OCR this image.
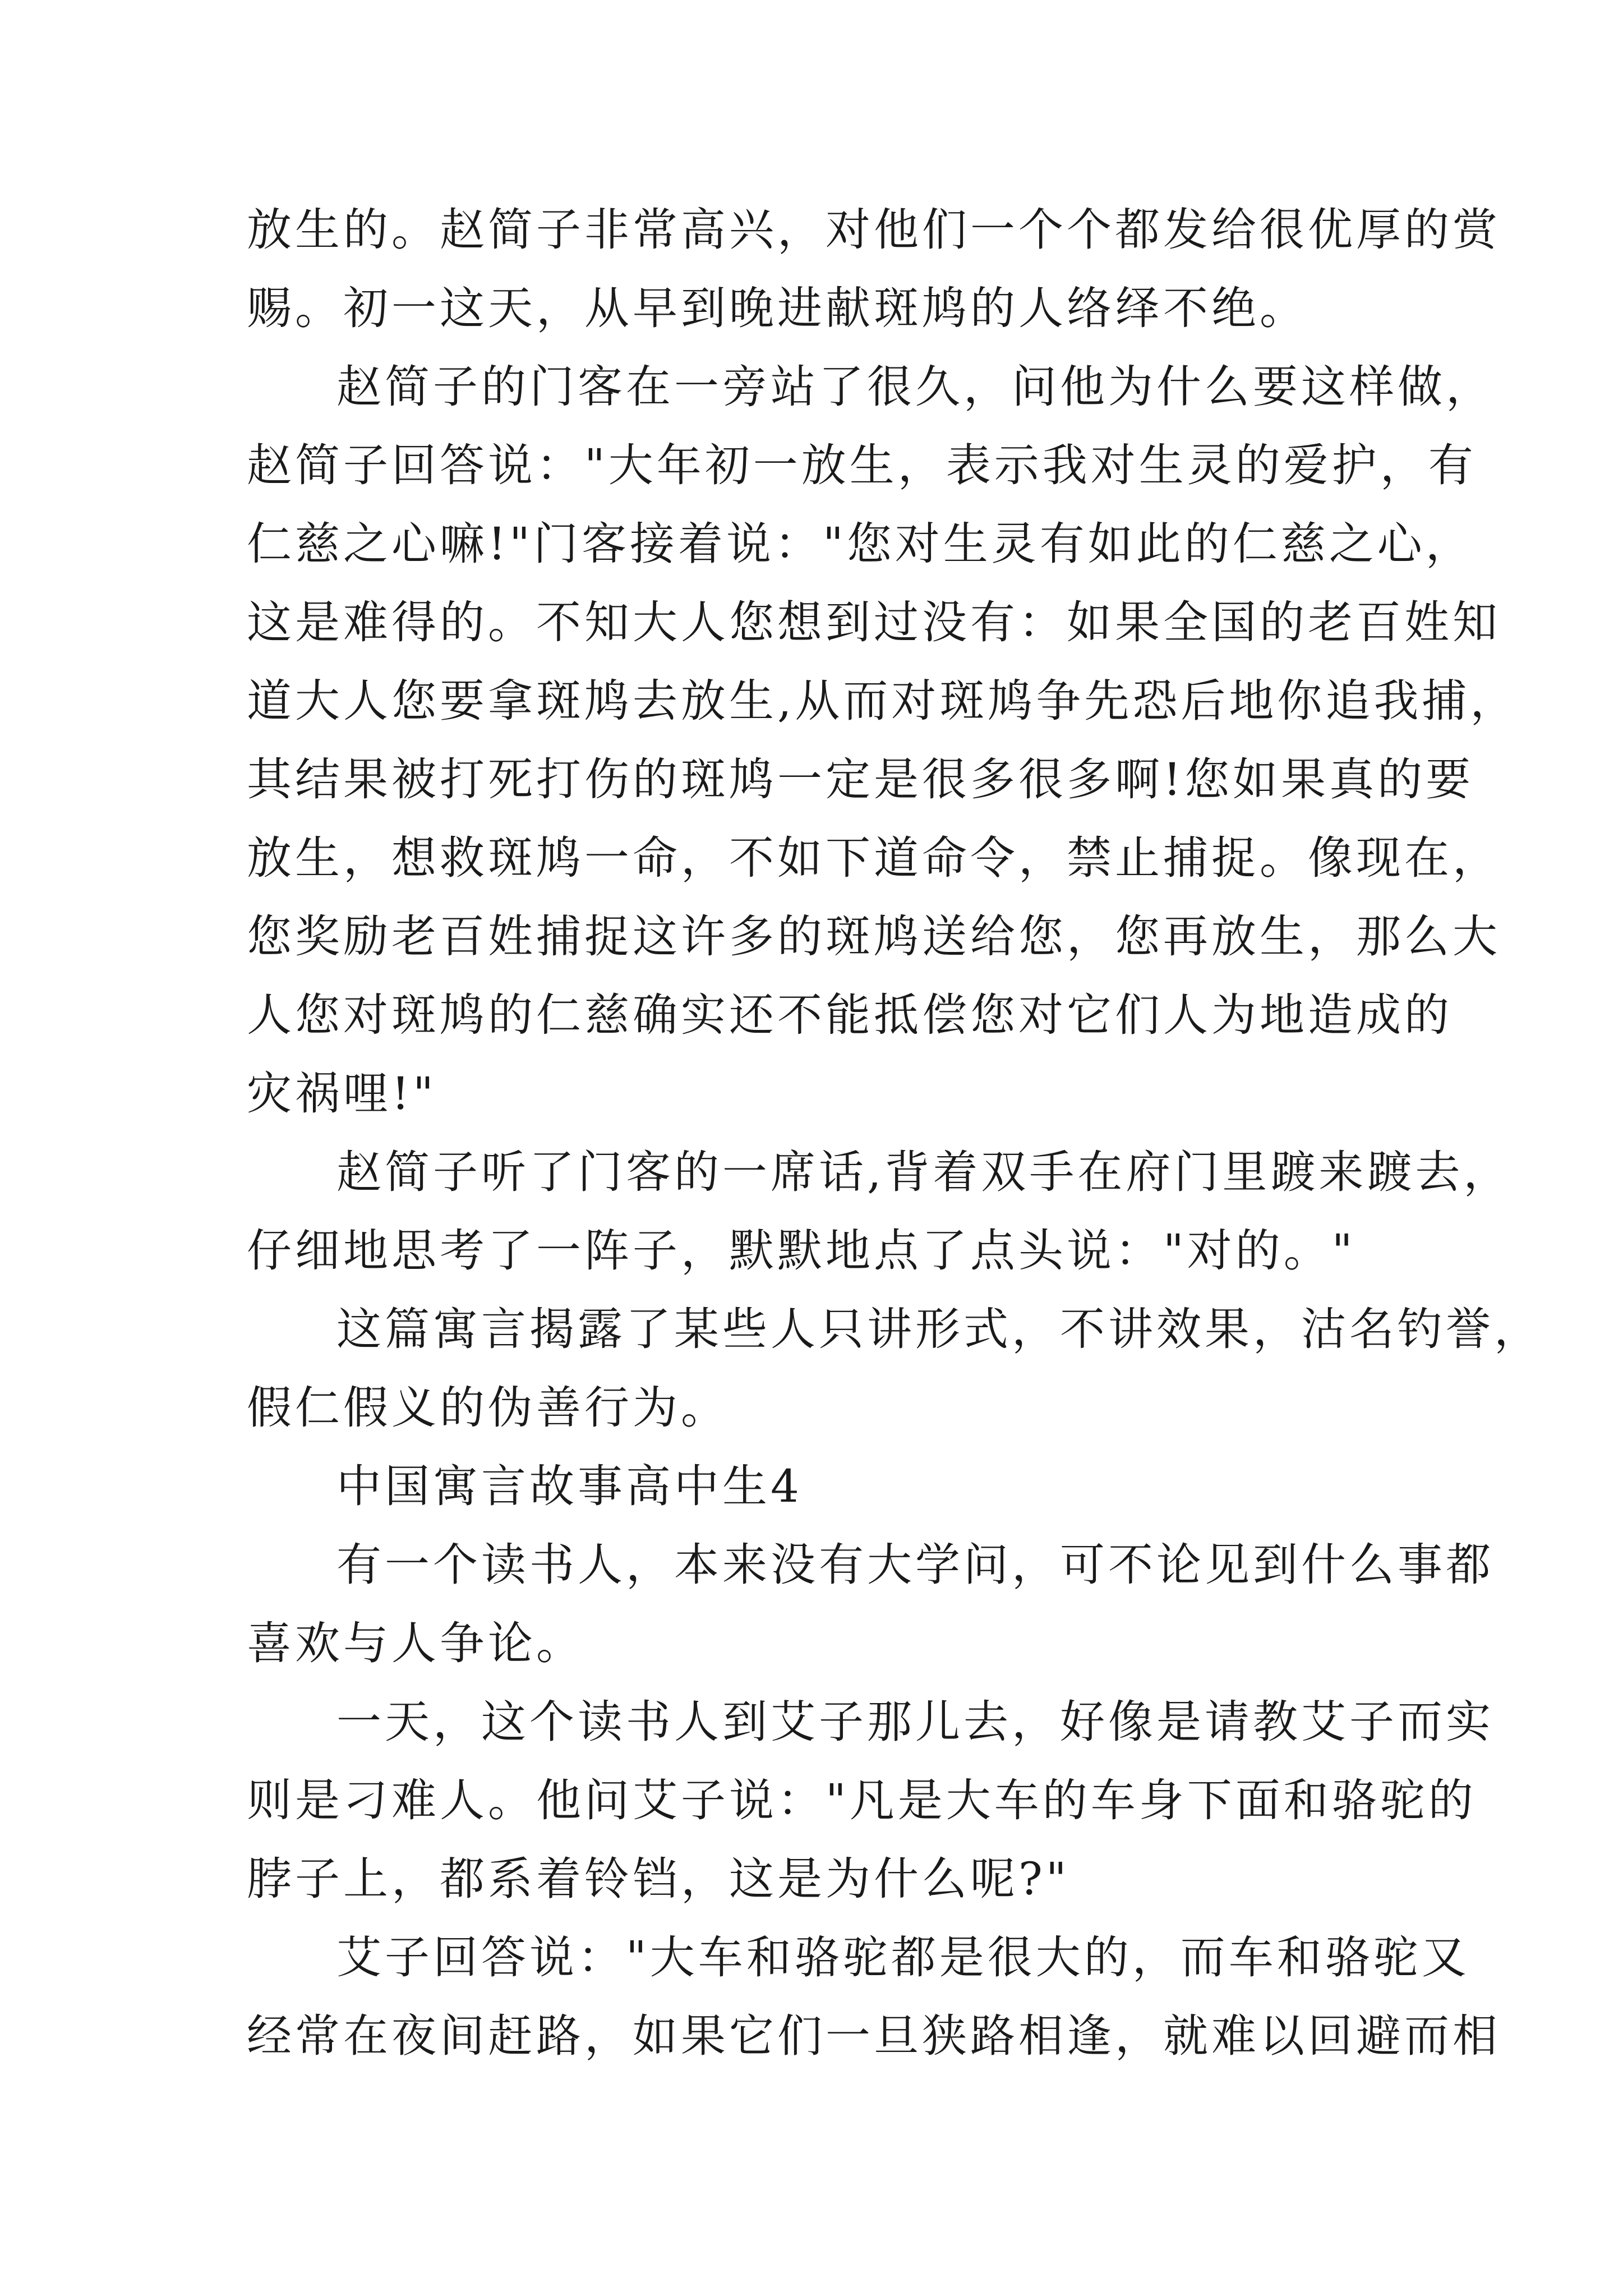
放生的。赵简子非常高兴，对他们一个个都发给很优厚的赏
赐。初一这天，从早到晚进献斑鸠的人络绎不绝。
赵简子的门客在一旁站了很久，问他为什么要这样做，
赵简子回答说："大年初一放生，表示我对生灵的爱护，有
仁慈之心嘛!"门客接着说："您对生灵有如此的仁慈之心，
这是难得的。不知大人您想到过没有：如果全国的老百姓知
道大人您要拿斑鸠去放生,从而对斑鸠争先恐后地你追我捕，
其结果被打死打伤的斑鸠一定是很多很多啊!您如果真的要
放生，想救斑鸠一命，不如下道命令，禁止捕捉。像现在，
您奖励老百姓捕捉这许多的斑鸠送给您，您再放生，那么大
人您对斑鸠的仁慈确实还不能抵偿您对它们人为地造成的
灾祸哩!"
赵简子听了门客的一席话,背着双手在府门里踱来踱去，
仔细地思考了一阵子，默默地点了点头说："对的。"
这篇寓言揭露了某些人只讲形式，不讲效果，沽名钓誉，
假仁假义的伪善行为。
中国寓言故事高中生4
有一个读书人，本来没有大学问，可不论见到什么事都
喜欢与人争论。
一天，这个读书人到艾子那儿去，好像是请教艾子而实
则是刁难人。他问艾子说："凡是大车的车身下面和骆驼的
脖子上，都系着铃铛，这是为什么呢?"
艾子回答说："大车和骆驼都是很大的，而车和骆驼又
经常在夜间赶路，如果它们一旦狭路相逢，就难以回避而相
